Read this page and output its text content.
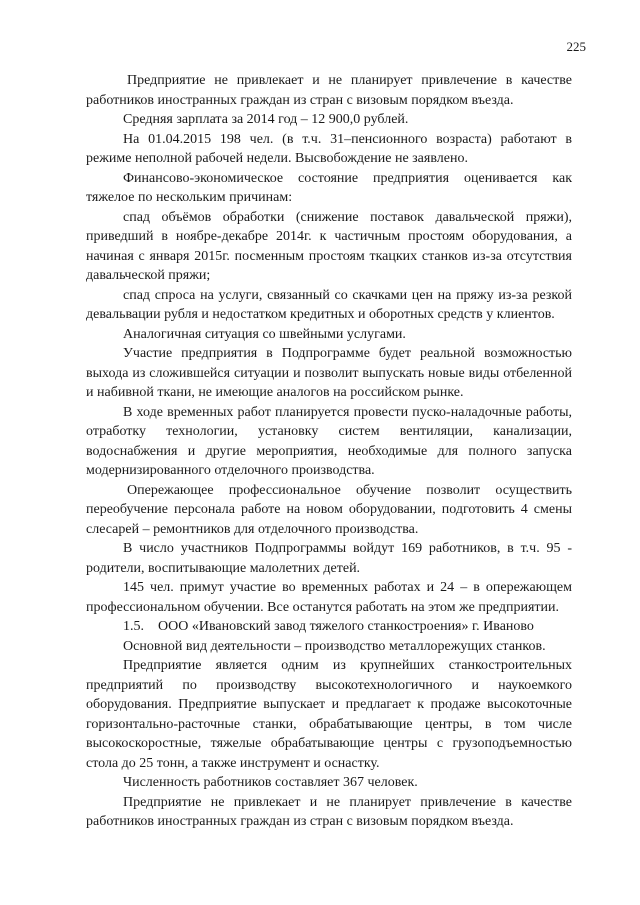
225

Предприятие не привлекает и не планирует привлечение в качестве работников иностранных граждан из стран с визовым порядком въезда.

Средняя зарплата за 2014 год – 12 900,0 рублей.

На 01.04.2015 198 чел. (в т.ч. 31–пенсионного возраста) работают в режиме неполной рабочей недели. Высвобождение не заявлено.

Финансово-экономическое состояние предприятия оценивается как тяжелое по нескольким причинам:

спад объёмов обработки (снижение поставок давальческой пряжи), приведший в ноябре-декабре 2014г. к частичным простоям оборудования, а начиная с января 2015г. посменным простоям ткацких станков из-за отсутствия давальческой пряжи;

спад спроса на услуги, связанный со скачками цен на пряжу из-за резкой девальвации рубля и недостатком кредитных и оборотных средств у клиентов.

Аналогичная ситуация со швейными услугами.

Участие предприятия в Подпрограмме будет реальной возможностью выхода из сложившейся ситуации и позволит выпускать новые виды отбеленной и набивной ткани, не имеющие аналогов на российском рынке.

В ходе временных работ планируется провести пуско-наладочные работы, отработку технологии, установку систем вентиляции, канализации, водоснабжения и другие мероприятия, необходимые для полного запуска модернизированного отделочного производства.

Опережающее профессиональное обучение позволит осуществить переобучение персонала работе на новом оборудовании, подготовить 4 смены слесарей – ремонтников для отделочного производства.

В число участников Подпрограммы войдут 169 работников, в т.ч. 95 - родители, воспитывающие малолетних детей.

145 чел. примут участие во временных работах и 24 – в опережающем профессиональном обучении. Все останутся работать на этом же предприятии.

1.5.    ООО «Ивановский завод тяжелого станкостроения» г. Иваново

Основной вид деятельности – производство металлорежущих станков.

Предприятие является одним из крупнейших станкостроительных предприятий по производству высокотехнологичного и наукоемкого оборудования. Предприятие выпускает и предлагает к продаже высокоточные горизонтально-расточные станки, обрабатывающие центры, в том числе высокоскоростные, тяжелые обрабатывающие центры с грузоподъемностью стола до 25 тонн, а также инструмент и оснастку.

Численность работников составляет 367 человек.

Предприятие не привлекает и не планирует привлечение в качестве работников иностранных граждан из стран с визовым порядком въезда.
